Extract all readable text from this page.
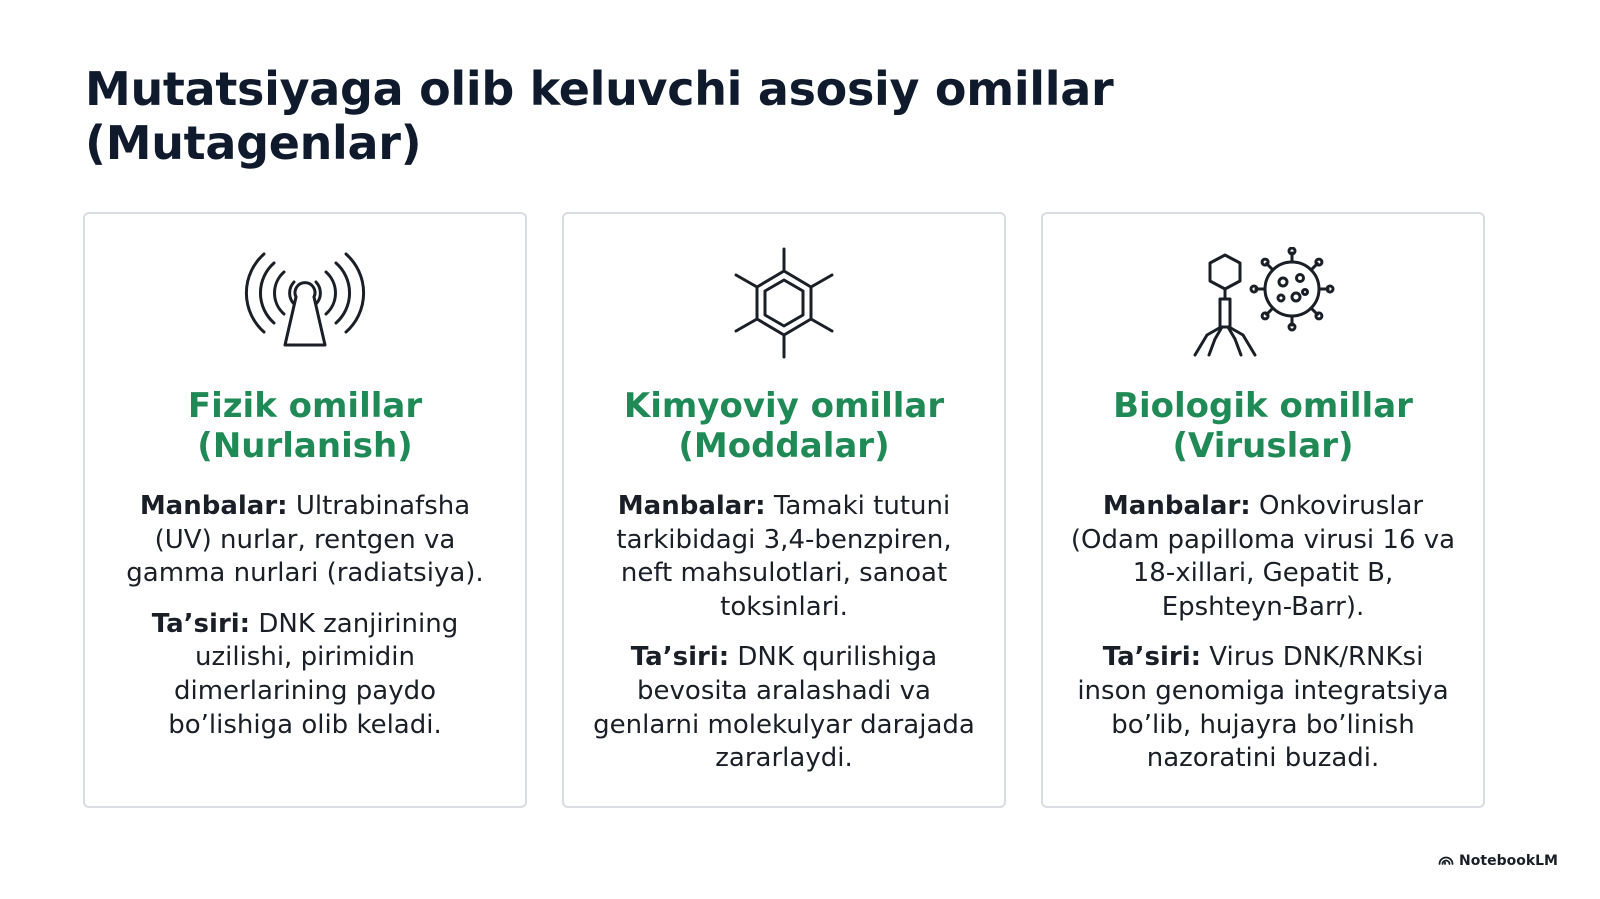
Mutatsiyaga olib keluvchi asosiy omillar (Mutagenlar)
Fizik omillar (Nurlanish)

Manbalar: Ultrabinafsha (UV) nurlar, rentgen va gamma nurlari (radiatsiya).

Ta’siri: DNK zanjirining uzilishi, pirimidin dimerlarining paydo bo’lishiga olib keladi.

Kimyoviy omillar (Moddalar)

Manbalar: Tamaki tutuni tarkibidagi 3,4-benzpiren, neft mahsulotlari, sanoat toksinlari.

Ta’siri: DNK qurilishiga bevosita aralashadi va genlarni molekulyar darajada zararlaydi.

Biologik omillar (Viruslar)

Manbalar: Onkoviruslar (Odam papilloma virusi 16 va 18-xillari, Gepatit B, Epshteyn-Barr).

Ta’siri: Virus DNK/RNKsi inson genomiga integratsiya bo’lib, hujayra bo’linish nazoratini buzadi.

NotebookLM
